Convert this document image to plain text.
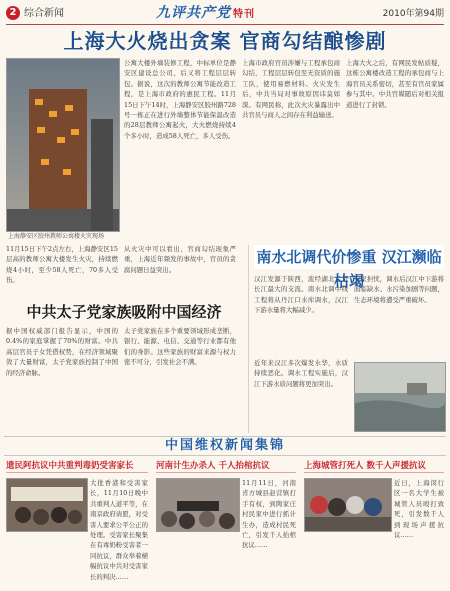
2 综合新闻	九评共产党 特刊	2010年第94期
上海大火烧出贪案 官商勾结酿惨剧
上海静安区胶州教师公寓楼火灾现场
11月15日下午2点左右，上海静安区15层高的教师公寓大楼发生火灾，持续燃烧4小时，至少58人死亡，70多人受伤。
从火灾中可以看出，官商勾结现象严重，上海近年频发的事故中，官员的贪腐问题日益突出。
公寓大楼外墙装修工程，中标单位是静安区建设总公司，后又将工程层层转包。据说，这次的教师公寓节能改造工程，是上海市政府的惠民工程。11月15日下午14时，上海静安区胶州路728号一栋正在进行外墙整体节能保温改造的28层教师公寓起火，大火燃烧持续4个多小时，造成58人死亡，多人受伤。
上海市政府官员涉嫌与工程承包商勾结，工程层层转包至无资质的施工队，使用易燃材料。火灾发生后，中共当局对事故原因讳莫如深。有网民称，此次火灾暴露出中共官员与商人之间存在利益输送。
上海大火之后，有网民发帖质疑，这栋公寓楼改造工程的承包商与上海官员关系密切，甚至有官员家属参与其中。中共官媒随后对相关报道进行了封锁。
中共太子党家族吸附中国经济
据中国权威部门报告显示，中国的0.4%的家庭掌握了70%的财富。中共高层官员子女凭借权势，在经济领域聚敛了大量财富，太子党家族控制了中国的经济命脉。
太子党家族在多个重要领域形成垄断，银行、能源、电信、交通等行业都有他们的身影。这些家族的财富来源与权力密不可分，引发社会不满。
南水北调代价惨重 汉江濒临枯竭
汉江发源于陕西，流经湖北，是长江最大的支流。南水北调中线工程将从丹江口水库调水，汉江下游水量将大幅减少。
专家担忧，调水后汉江中下游将面临缺水、水污染加剧等问题，生态环境将遭受严重破坏。
近年来汉江多次爆发水华，水质持续恶化。调水工程实施后，汉江下游水质问题将更加突出。
中国维权新闻集锦
遗民阿抗议中共重判毒奶受害家长
大批香港和受害家长，11月10日晚中共重判人道平等，在南京政府请愿，对受害人要求公平公正的处理。受害家长聚集在有毒奶粉受害者一同抗议，群众举着横幅抗议中共对受害家长的判决……
河南计生办杀人 千人抬棺抗议
11月11日，河南省方城县赵营镇打手有权，到陶家庄村民家中进行抓计生办，造成村民死亡，引发千人抬棺抗议……
上海城管打死人 数千人声援抗议
近日，上海闵行区一名大学生被城管人员殴打致死，引发数千人到现场声援抗议……
